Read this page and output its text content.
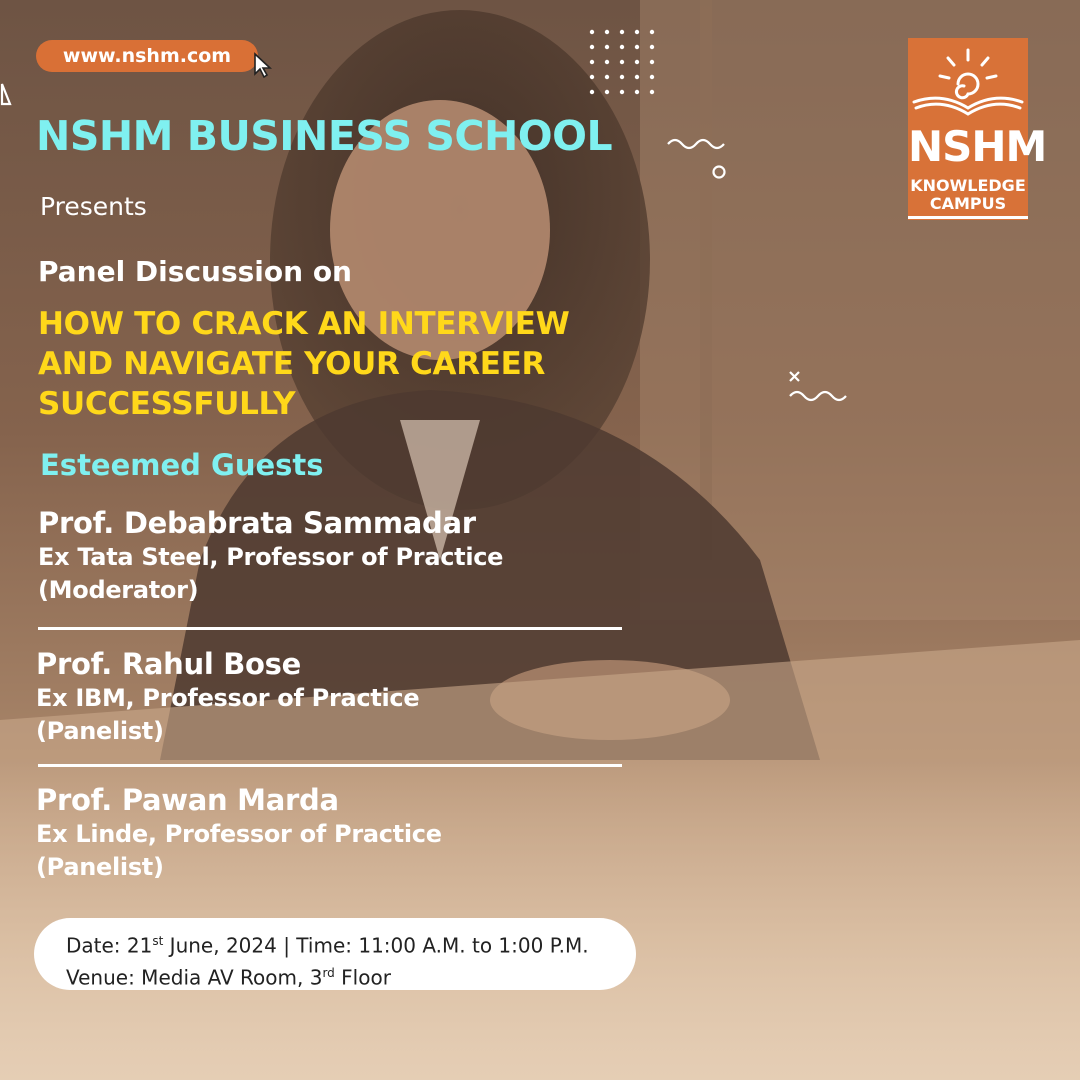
www.nshm.com
NSHM
KNOWLEDGE
CAMPUS
NSHM BUSINESS SCHOOL
Presents
Panel Discussion on
HOW TO CRACK AN INTERVIEW
AND NAVIGATE YOUR CAREER
SUCCESSFULLY
Esteemed Guests
Prof. Debabrata Sammadar
Ex Tata Steel, Professor of Practice
(Moderator)
Prof. Rahul Bose
Ex IBM, Professor of Practice
(Panelist)
Prof. Pawan Marda
Ex Linde, Professor of Practice
(Panelist)
Date: 21st June, 2024 | Time: 11:00 A.M. to 1:00 P.M.
Venue: Media AV Room, 3rd Floor
